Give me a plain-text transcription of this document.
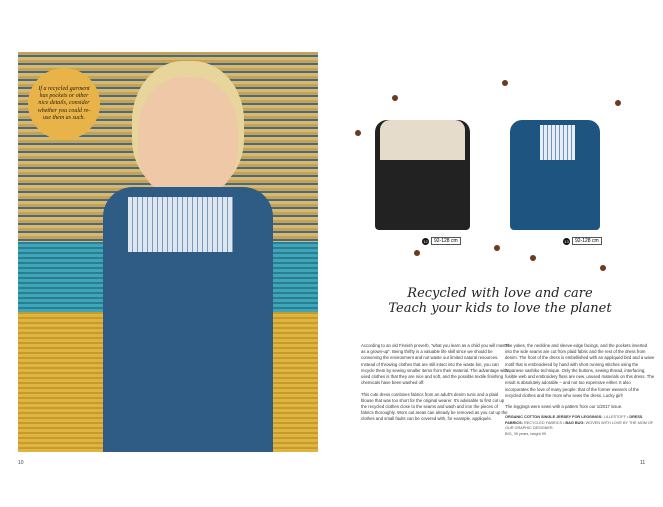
If a recycled garment has pockets or other nice details, consider whether you could re-use them as such.
10
12	92-128 cm	13	92-128 cm
Recycled with love and care
Teach your kids to love the planet

According to an old Finnish proverb, "what you learn as a child you will master as a grown-up". Being thrifty is a valuable life skill since we should be conserving the environment and not waste our limited natural resources. Instead of throwing clothes that are still intact into the waste bin, you can recycle them by sewing smaller items from their material. The advantage with used clothes is that they are nice and soft, and the possible textile finishing chemicals have been washed off.

This cute dress combines fabrics from an adult's denim tunic and a plaid blouse that was too short for the original wearer. It's advisable to first cut up the recycled clothes close to the seams and wash and iron the pieces of fabrics thoroughly. Worn out areas can already be removed as you cut up the clothes and small faults can be covered with, for example, appliqués.

The yokes, the neckline and sleeve-edge facings, and the pockets inserted into the side seams are cut from plaid fabric and the rest of the dress from denim. The front of the dress is embellished with an appliquéd bird and a wave motif that is embroidered by hand with short running stitches using the Japanese sashiko technique. Only the buttons, sewing thread, interfacing, fusible web and embroidery floss are new, unused materials on this dress. The result is absolutely adorable – and not too expensive either. It also incorporates the love of many people: that of the former wearers of the recycled clothes and the mom who sews the dress. Lucky girl!

The leggings were sewn with a pattern from our 1/2017 issue.

ORGANIC COTTON SINGLE JERSEY FOR LEGGINGS: LILLESTOFF • DRESS FABRICS: RECYCLED FABRICS • BAG BUG: WOVEN WITH LOVE BY THE MOM OF OUR GRAPHIC DESIGNER.
BIG, 39 years, height 99

11
